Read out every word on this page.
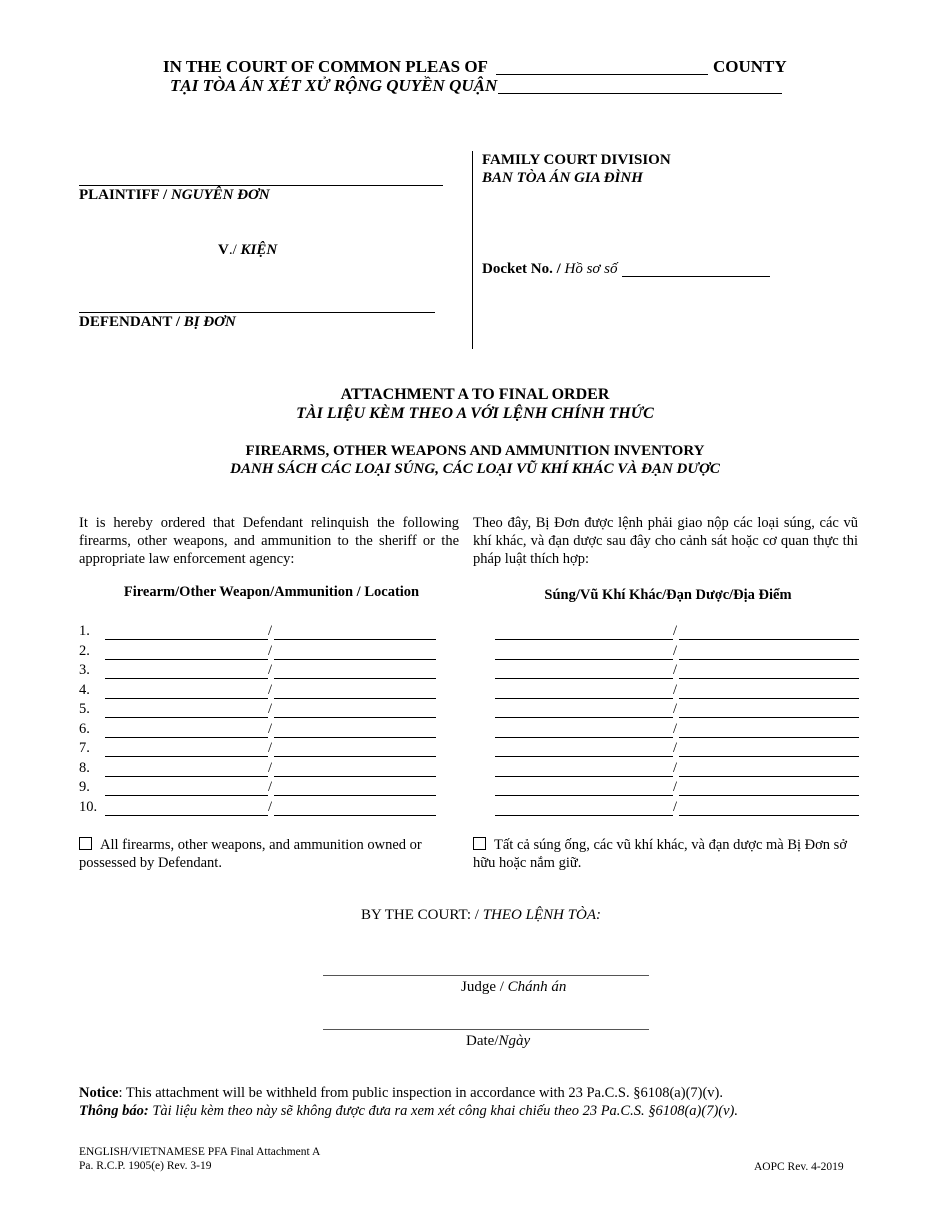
IN THE COURT OF COMMON PLEAS OF	COUNTY
TẠI TÒA ÁN XÉT XỬ RỘNG QUYỀN QUẬN
PLAINTIFF / NGUYÊN ĐƠN
V./ KIỆN
DEFENDANT / BỊ ĐƠN
FAMILY COURT DIVISION
BAN TÒA ÁN GIA ĐÌNH
Docket No. / Hồ sơ số
ATTACHMENT A TO FINAL ORDER
TÀI LIỆU KÈM THEO A VỚI LỆNH CHÍNH THỨC
FIREARMS, OTHER WEAPONS AND AMMUNITION INVENTORY
DANH SÁCH CÁC LOẠI SÚNG, CÁC LOẠI VŨ KHÍ KHÁC VÀ ĐẠN DƯỢC
It is hereby ordered that Defendant relinquish the following firearms, other weapons, and ammunition to the sheriff or the appropriate law enforcement agency:
Theo đây, Bị Đơn được lệnh phải giao nộp các loại súng, các vũ khí khác, và đạn dược sau đây cho cảnh sát hoặc cơ quan thực thi pháp luật thích hợp:
Firearm/Other Weapon/Ammunition / Location	Súng/Vũ Khí Khác/Đạn Dược/Địa Điểm
1.	/	/
2.	/	/
3.	/	/
4.	/	/
5.	/	/
6.	/	/
7.	/	/
8.	/	/
9.	/	/
10.	/	/
All firearms, other weapons, and ammunition owned or possessed by Defendant.
Tất cả súng ống, các vũ khí khác, và đạn dược mà Bị Đơn sở hữu hoặc nắm giữ.
BY THE COURT: / THEO LỆNH TÒA:
Judge / Chánh án
Date/Ngày
Notice: This attachment will be withheld from public inspection in accordance with 23 Pa.C.S. §6108(a)(7)(v).
Thông báo: Tài liệu kèm theo này sẽ không được đưa ra xem xét công khai chiếu theo 23 Pa.C.S. §6108(a)(7)(v).
ENGLISH/VIETNAMESE PFA Final Attachment A
Pa. R.C.P. 1905(e) Rev. 3-19	AOPC Rev. 4-2019
